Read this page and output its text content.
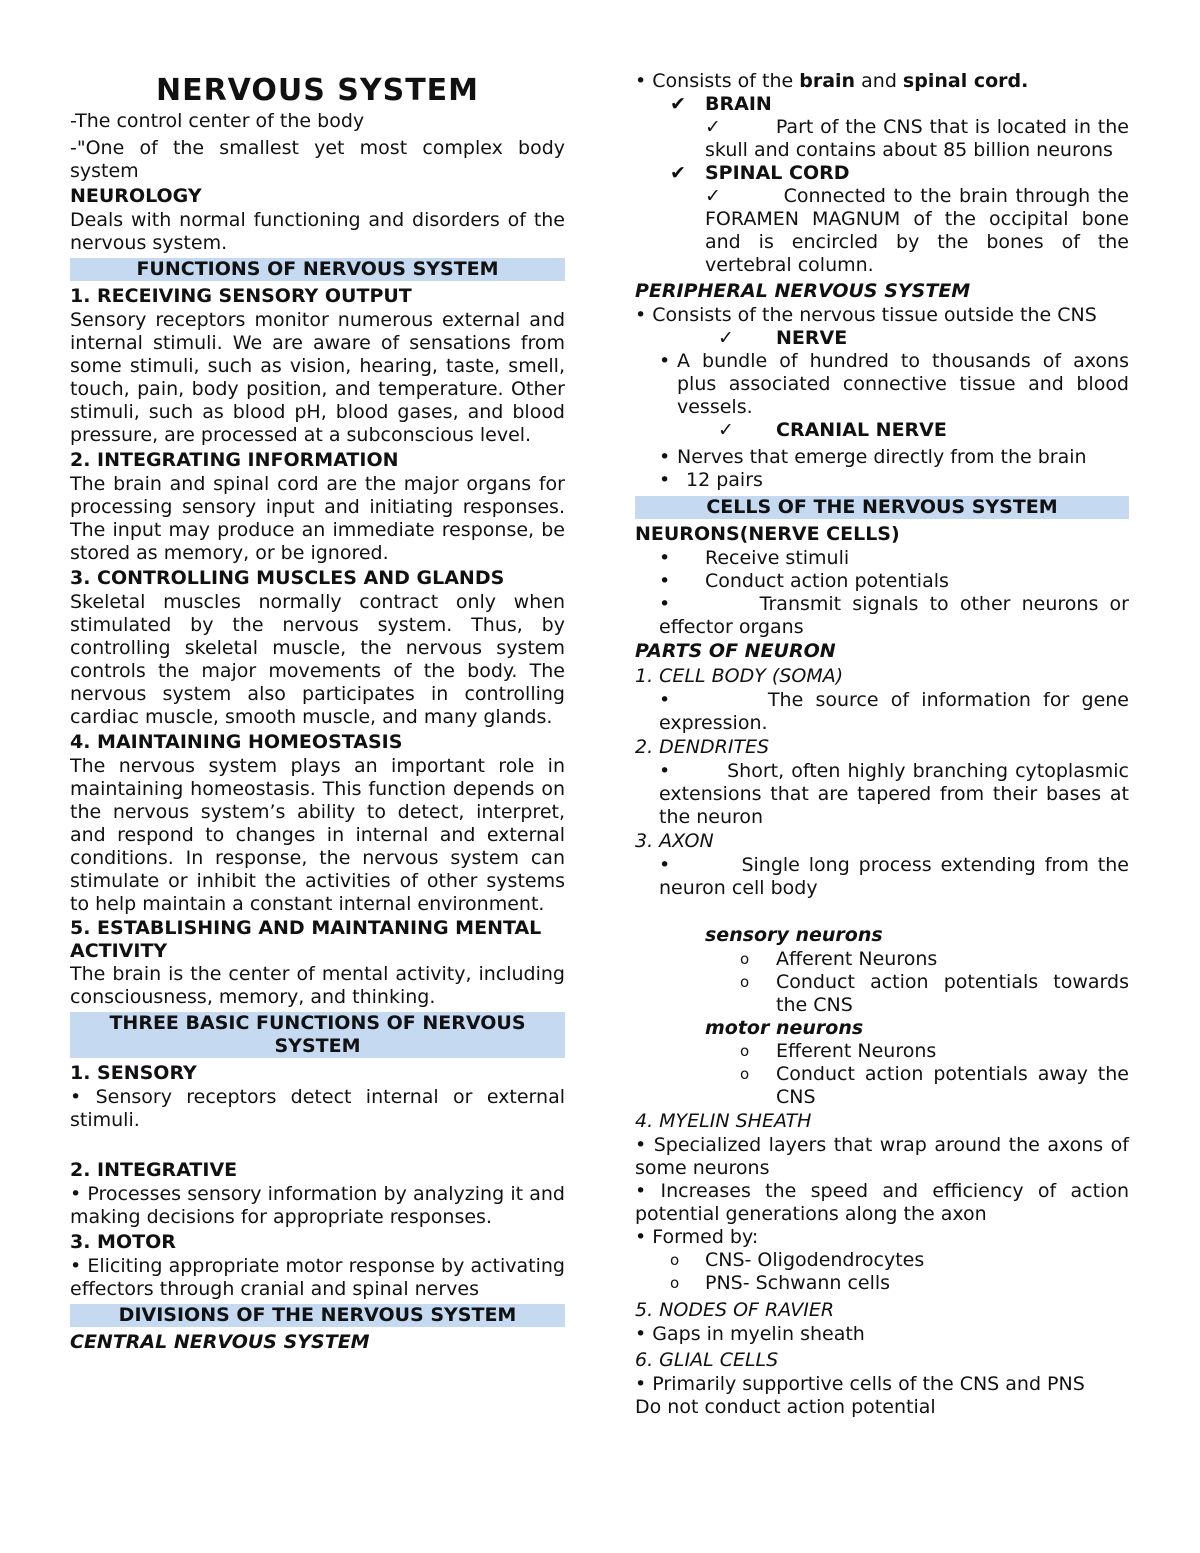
NERVOUS SYSTEM

-The control center of the body

-"One of the smallest yet most complex body system

NEUROLOGY

Deals with normal functioning and disorders of the nervous system.

FUNCTIONS OF NERVOUS SYSTEM

1. RECEIVING SENSORY OUTPUT

Sensory receptors monitor numerous external and internal stimuli. We are aware of sensations from some stimuli, such as vision, hearing, taste, smell, touch, pain, body position, and temperature. Other stimuli, such as blood pH, blood gases, and blood pressure, are processed at a subconscious level.

2. INTEGRATING INFORMATION

The brain and spinal cord are the major organs for processing sensory input and initiating responses. The input may produce an immediate response, be stored as memory, or be ignored.

3. CONTROLLING MUSCLES AND GLANDS

Skeletal muscles normally contract only when stimulated by the nervous system. Thus, by controlling skeletal muscle, the nervous system controls the major movements of the body. The nervous system also participates in controlling cardiac muscle, smooth muscle, and many glands.

4. MAINTAINING HOMEOSTASIS

The nervous system plays an important role in maintaining homeostasis. This function depends on the nervous system’s ability to detect, interpret, and respond to changes in internal and external conditions. In response, the nervous system can stimulate or inhibit the activities of other systems to help maintain a constant internal environment.

5. ESTABLISHING AND MAINTANING MENTAL ACTIVITY

The brain is the center of mental activity, including consciousness, memory, and thinking.

THREE BASIC FUNCTIONS OF NERVOUS SYSTEM

1. SENSORY

• Sensory receptors detect internal or external stimuli.

2. INTEGRATIVE

• Processes sensory information by analyzing it and making decisions for appropriate responses.

3. MOTOR

• Eliciting appropriate motor response by activating effectors through cranial and spinal nerves

DIVISIONS OF THE NERVOUS SYSTEM

CENTRAL NERVOUS SYSTEM

• Consists of the brain and spinal cord.

✔	BRAIN

✓	Part of the CNS that is located in the skull and contains about 85 billion neurons

✔	SPINAL CORD

✓	Connected to the brain through the FORAMEN MAGNUM of the occipital bone and is encircled by the bones of the vertebral column.

PERIPHERAL NERVOUS SYSTEM

• Consists of the nervous tissue outside the CNS

✓	NERVE
• A bundle of hundred to thousands of axons plus associated connective tissue and blood vessels.
✓	CRANIAL NERVE
• Nerves that emerge directly from the brain
• 12 pairs

CELLS OF THE NERVOUS SYSTEM

NEURONS(NERVE CELLS)

•	Receive stimuli
•	Conduct action potentials

•	Transmit signals to other neurons or effector organs

PARTS OF NEURON

1. CELL BODY (SOMA)

•	The source of information for gene expression.

2. DENDRITES

•	Short, often highly branching cytoplasmic extensions that are tapered from their bases at the neuron

3. AXON

•	Single long process extending from the neuron cell body

sensory neurons

o	Afferent Neurons
o	Conduct action potentials towards the CNS

motor neurons

o	Efferent Neurons
o	Conduct action potentials away the CNS

4. MYELIN SHEATH

• Specialized layers that wrap around the axons of some neurons

• Increases the speed and efficiency of action potential generations along the axon

• Formed by:

o	CNS- Oligodendrocytes
o	PNS- Schwann cells

5. NODES OF RAVIER

• Gaps in myelin sheath

6. GLIAL CELLS

• Primarily supportive cells of the CNS and PNS

Do not conduct action potential
